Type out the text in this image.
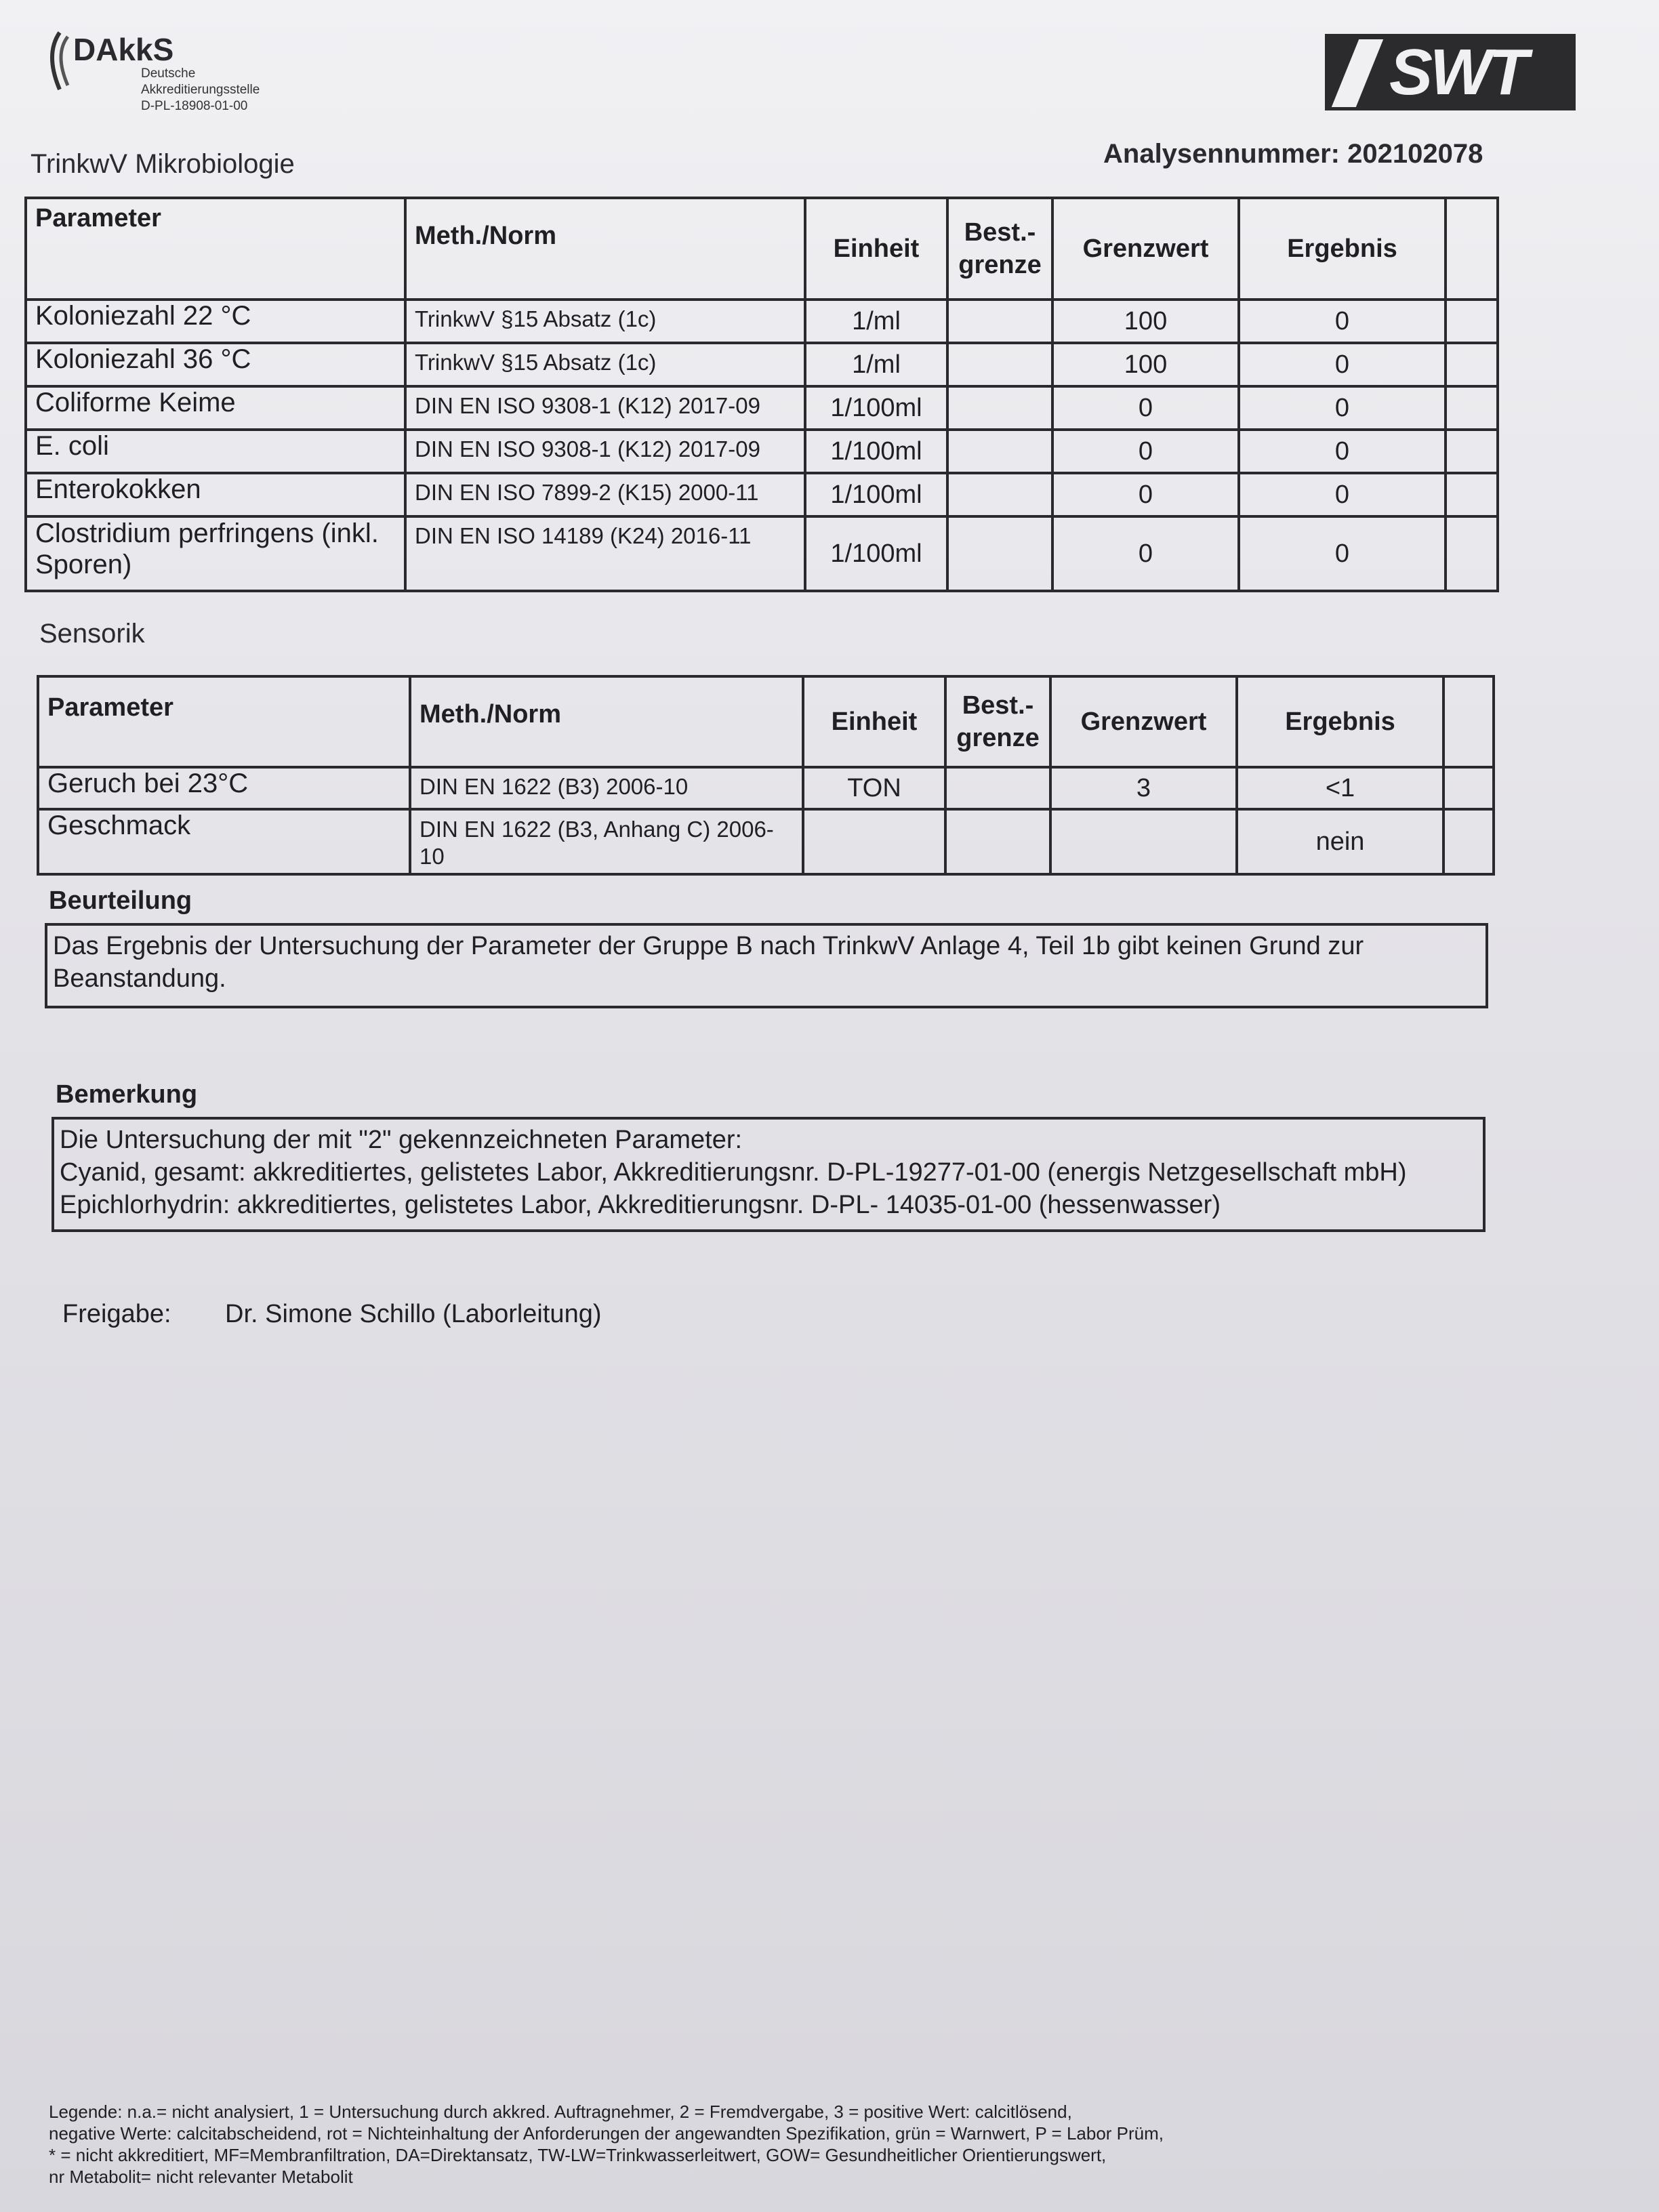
DAkkS
Deutsche
Akkreditierungsstelle
D-PL-18908-01-00	SWT
TrinkwV Mikrobiologie	Analysennummer: 202102078
Parameter	Meth./Norm	Einheit	Best.- grenze	Grenzwert	Ergebnis	
Koloniezahl 22 °C	TrinkwV §15 Absatz (1c)	1/ml		100	0	
Koloniezahl 36 °C	TrinkwV §15 Absatz (1c)	1/ml		100	0	
Coliforme Keime	DIN EN ISO 9308-1 (K12) 2017-09	1/100ml		0	0	
E. coli	DIN EN ISO 9308-1 (K12) 2017-09	1/100ml		0	0	
Enterokokken	DIN EN ISO 7899-2 (K15) 2000-11	1/100ml		0	0	
Clostridium perfringens (inkl. Sporen)	DIN EN ISO 14189 (K24) 2016-11	1/100ml		0	0	
Sensorik
Parameter	Meth./Norm	Einheit	Best.- grenze	Grenzwert	Ergebnis	
Geruch bei 23°C	DIN EN 1622 (B3) 2006-10	TON		3	<1	
Geschmack	DIN EN 1622 (B3, Anhang C) 2006-10				nein	
Beurteilung

Das Ergebnis der Untersuchung der Parameter der Gruppe B nach TrinkwV Anlage 4, Teil 1b gibt keinen Grund zur Beanstandung.

Bemerkung

Die Untersuchung der mit "2" gekennzeichneten Parameter:

Cyanid, gesamt: akkreditiertes, gelistetes Labor, Akkreditierungsnr. D-PL-19277-01-00 (energis Netzgesellschaft mbH)

Epichlorhydrin: akkreditiertes, gelistetes Labor, Akkreditierungsnr. D-PL- 14035-01-00 (hessenwasser)

Freigabe: Dr. Simone Schillo (Laborleitung)

Legende: n.a.= nicht analysiert, 1 = Untersuchung durch akkred. Auftragnehmer, 2 = Fremdvergabe, 3 = positive Wert: calcitlösend,

negative Werte: calcitabscheidend, rot = Nichteinhaltung der Anforderungen der angewandten Spezifikation, grün = Warnwert, P = Labor Prüm,

* = nicht akkreditiert, MF=Membranfiltration, DA=Direktansatz, TW-LW=Trinkwasserleitwert, GOW= Gesundheitlicher Orientierungswert,

nr Metabolit= nicht relevanter Metabolit
